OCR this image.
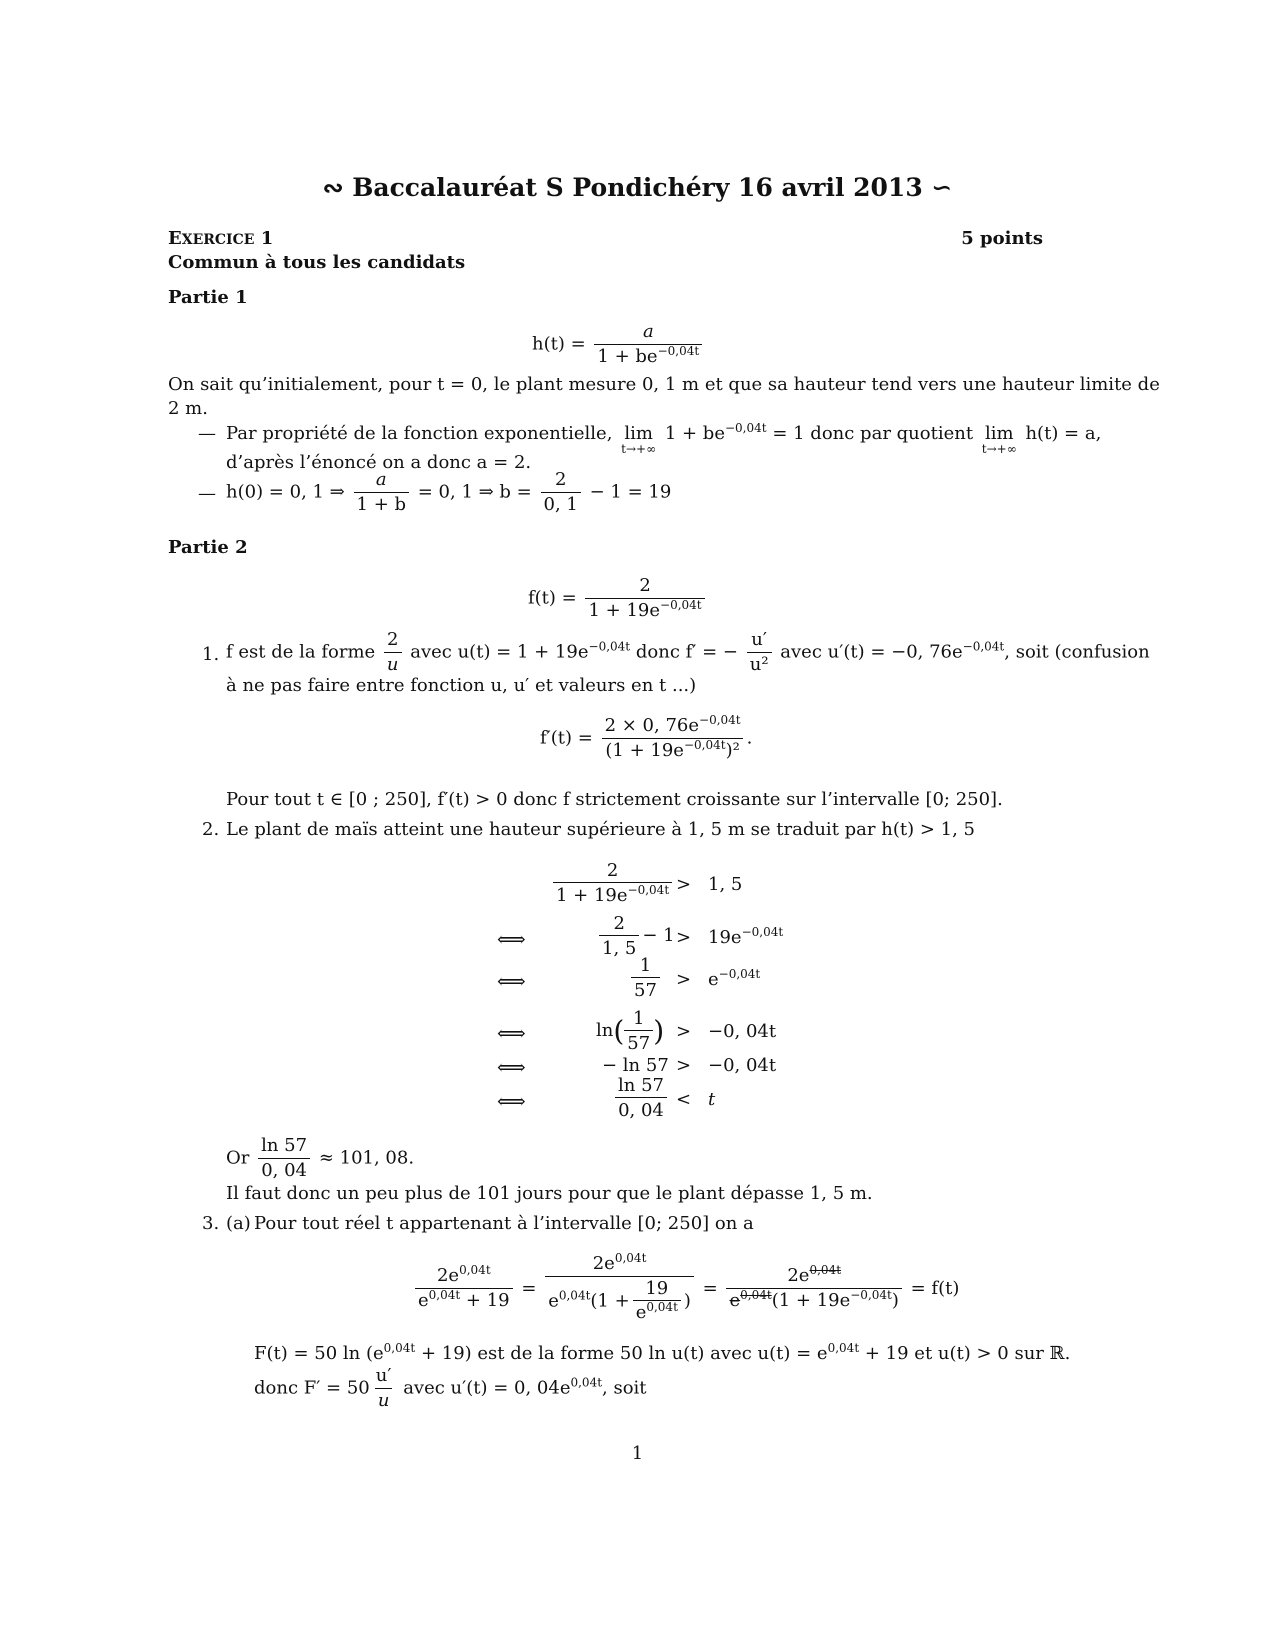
∾ Baccalauréat S Pondichéry 16 avril 2013 ∽
EXERCICE 1	5 points
Commun à tous les candidats
Partie 1
$h(t) = \frac{a}{1 + be^{-0,04t}}$
On sait qu’initialement, pour t = 0, le plant mesure 0, 1 m et que sa hauteur tend vers une hauteur limite de
2 m.
— Par propriété de la fonction exponentielle, lim
t→+∞
$1 + be^{-0,04t} = 1$ donc par quotient lim
t→+∞
h(t) = a,
d’après l’énoncé on a donc a = 2.
— h(0) = 0, 1 ⇒ $\frac{a}{1 + b} = 0$, 1 ⇒ $b = \frac{2}{0, 1} - 1 = 19$
Partie 2
$f(t) = \frac{2}{1 + 19e^{-0,04t}}$
1. f est de la forme $\frac{2}{u}$ avec $u(t) = 1 + 19e^{-0,04t}$ donc f′ = − $\frac{u'}{\text{u²}}$ avec u′(t) = −0, $76e^{-0,04t}$, soit (confusion
à ne pas faire entre fonction u, u′ et valeurs en t ...)
$f'(t) = \frac{2 \times 0, 76e^{-0,04t}}{(1 + 19e^{-0,04t})^2}$ .
Pour tout t ∈ [0 ; 250], f′(t) > 0 donc f strictement croissante sur l’intervalle [0; 250].
2. Le plant de maïs atteint une hauteur supérieure à 1, 5 m se traduit par h(t) > 1, 5
$\frac{2}{1 + 19e^{-0,04t}} > 1$, 5
⟺	$\frac{2}{1, 5} - 1 > 19e^{-0,04t}$
⟺	$\frac{1}{57} > e^{-0,04t}$
⟺	$\ln( \frac{1}{57}$ ) > −0, 04t
⟺	− ln 57 > −0, 04t
⟺	$\frac{\ln 57}{0, 04} < t$
Or $\frac{\ln 57}{0, 04} \approx 101$, 08.
Il faut donc un peu plus de 101 jours pour que le plant dépasse 1, 5 m.
3. (a) Pour tout réel t appartenant à l’intervalle [0; 250] on a
$\frac{2e^{0,04t}}{e^{0,04t} + 19} = \frac{2e^{0,04t}}{e^{0,04t}(1 + \frac{19}{e^{0,04t}} )} = \frac{2e^{0,04t}}{e^{0,04t}(1 + 19e^{-0,04t})} = f(t)$
F(t) = 50 $\ln (e^{0,04t} + 19)$ est de la forme 50 ln u(t) avec $u(t) = e^{0,04t} + 19$ et u(t) > 0 sur ℝ.
donc $F' = 50 \frac{u'}{u}$ avec u′(t) = 0, $04e^{0,04t}$, soit
1
